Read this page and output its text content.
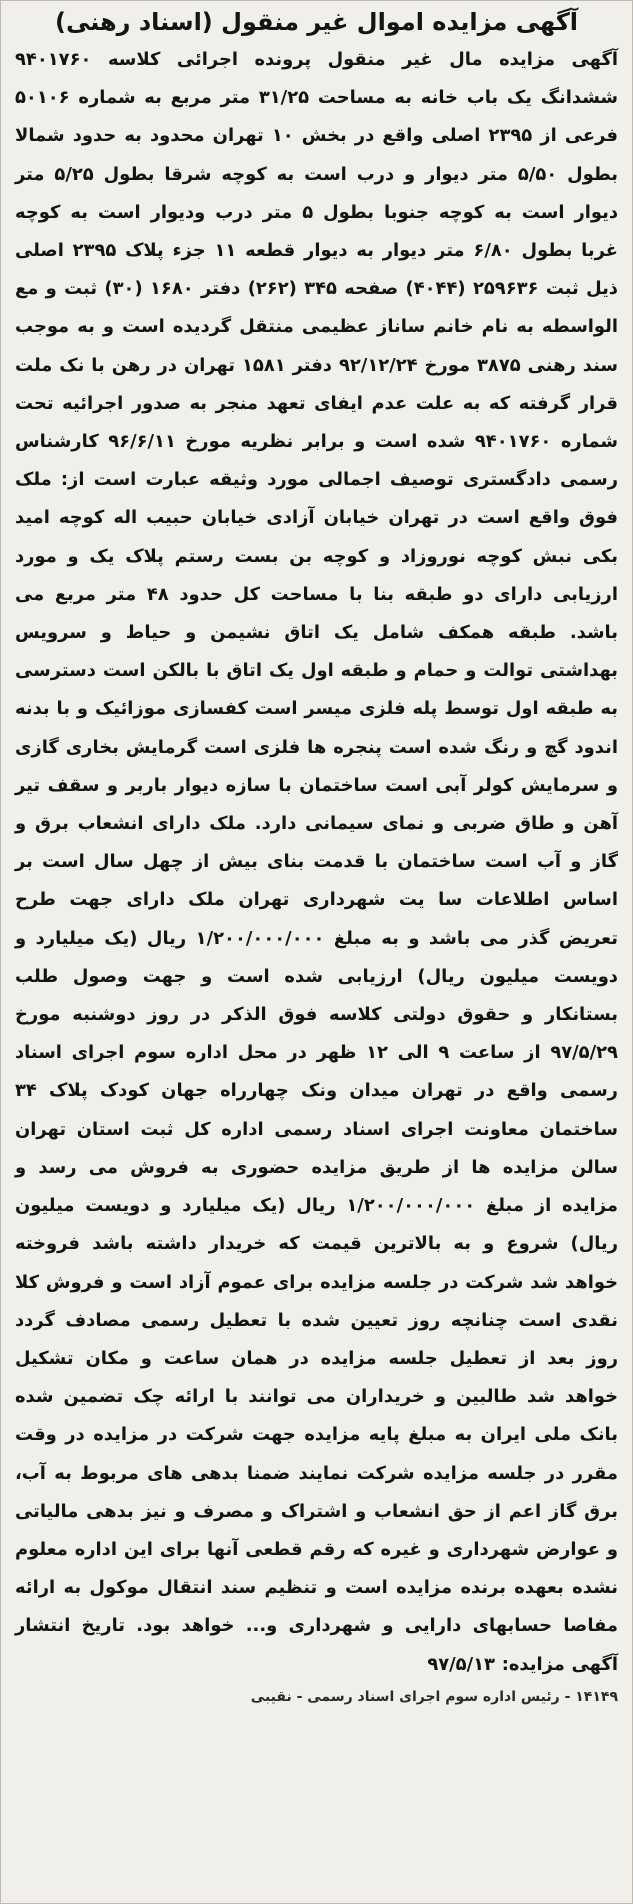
آگهی مزایده اموال غیر منقول (اسناد رهنی)

آگهی مزایده مال غیر منقول پرونده اجرائی کلاسه ۹۴۰۱۷۶۰ ششدانگ یک باب خانه به مساحت ۳۱/۲۵ متر مربع به شماره ۵۰۱۰۶ فرعی از ۲۳۹۵ اصلی واقع در بخش ۱۰ تهران محدود به حدود شمالا بطول ۵/۵۰ متر دیوار و درب است به کوچه شرقا بطول ۵/۲۵ متر دیوار است به کوچه جنوبا بطول ۵ متر درب ودیوار است به کوچه غربا بطول ۶/۸۰ متر دیوار به دیوار قطعه ۱۱ جزء پلاک ۲۳۹۵ اصلی ذیل ثبت ۲۵۹۶۳۶ (۴۰۴۴) صفحه ۳۴۵ (۲۶۲) دفتر ۱۶۸۰ (۳۰) ثبت و مع الواسطه به نام خانم ساناز عظیمی منتقل گردیده است و به موجب سند رهنی ۳۸۷۵ مورخ ۹۲/۱۲/۲۴ دفتر ۱۵۸۱ تهران در رهن با نک ملت قرار گرفته که به علت عدم ایفای تعهد منجر به صدور اجرائیه تحت شماره ۹۴۰۱۷۶۰ شده است و برابر نظریه مورخ ۹۶/۶/۱۱ کارشناس رسمی دادگستری توصیف اجمالی مورد وثیقه عبارت است از: ملک فوق واقع است در تهران خیابان آزادی خیابان حبیب اله کوچه امید بکی نبش کوچه نوروزاد و کوچه بن بست رستم پلاک یک و مورد ارزیابی دارای دو طبقه بنا با مساحت کل حدود ۴۸ متر مربع می باشد. طبقه همکف شامل یک اتاق نشیمن و حیاط و سرویس بهداشتی توالت و حمام و طبقه اول یک اتاق با بالکن است دسترسی به طبقه اول توسط پله فلزی میسر است کفسازی موزائیک و با بدنه اندود گچ و رنگ شده است پنجره ها فلزی است گرمایش بخاری گازی و سرمایش کولر آبی است ساختمان با سازه دیوار باربر و سقف تیر آهن و طاق ضربی و نمای سیمانی دارد. ملک دارای انشعاب برق و گاز و آب است ساختمان با قدمت بنای بیش از چهل سال است بر اساس اطلاعات سا یت شهرداری تهران ملک دارای جهت طرح تعریض گذر می باشد و به مبلغ ۱/۲۰۰/۰۰۰/۰۰۰ ریال (یک میلیارد و دویست میلیون ریال) ارزیابی شده است و جهت وصول طلب بستانکار و حقوق دولتی کلاسه فوق الذکر در روز دوشنبه مورخ ۹۷/۵/۲۹ از ساعت ۹ الی ۱۲ ظهر در محل اداره سوم اجرای اسناد رسمی واقع در تهران میدان ونک چهارراه جهان کودک پلاک ۳۴ ساختمان معاونت اجرای اسناد رسمی اداره کل ثبت استان تهران سالن مزایده ها از طریق مزایده حضوری به فروش می رسد و مزایده از مبلغ ۱/۲۰۰/۰۰۰/۰۰۰ ریال (یک میلیارد و دویست میلیون ریال) شروع و به بالاترین قیمت که خریدار داشته باشد فروخته خواهد شد شرکت در جلسه مزایده برای عموم آزاد است و فروش کلا نقدی است چنانچه روز تعیین شده با تعطیل رسمی مصادف گردد روز بعد از تعطیل جلسه مزایده در همان ساعت و مکان تشکیل خواهد شد طالبین و خریداران می توانند با ارائه چک تضمین شده بانک ملی ایران به مبلغ پایه مزایده جهت شرکت در مزایده در وقت مقرر در جلسه مزایده شرکت نمایند ضمنا بدهی های مربوط به آب، برق گاز اعم از حق انشعاب و اشتراک و مصرف و نیز بدهی مالیاتی و عوارض شهرداری و غیره که رقم قطعی آنها برای این اداره معلوم نشده بعهده برنده مزایده است و تنظیم سند انتقال موکول به ارائه مفاصا حسابهای دارایی و شهرداری و... خواهد بود. تاریخ انتشار آگهی مزایده: ۹۷/۵/۱۳

۱۴۱۴۹ - رئیس اداره سوم اجرای اسناد رسمی - نقیبی
